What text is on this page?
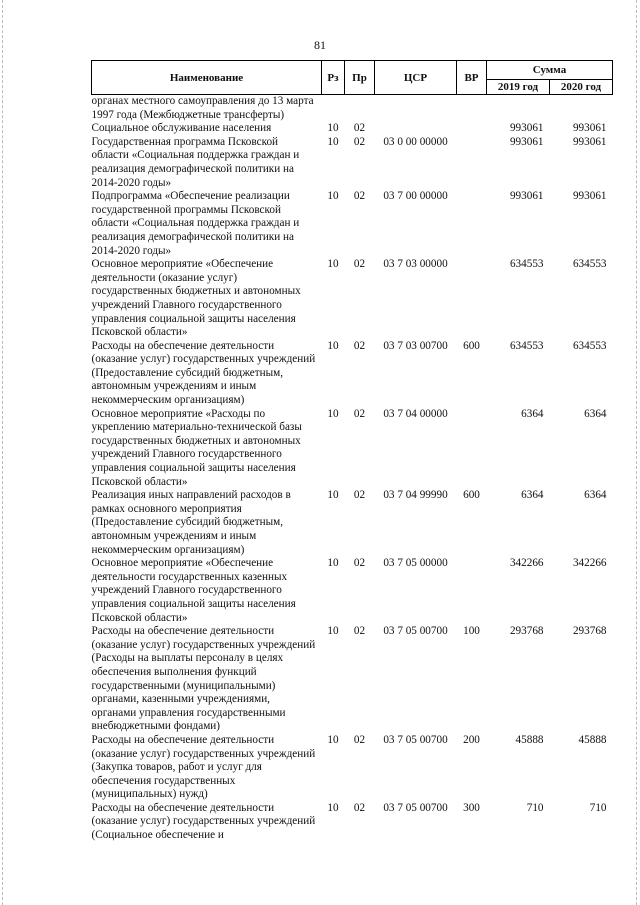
81
Наименование	Рз	Пр	ЦСР	ВР	Сумма	
					2019 год	2020 год
органах местного самоуправления до 13 марта 1997 года (Межбюджетные трансферты)						
Социальное обслуживание населения	10	02			993061	993061
Государственная программа Псковской области «Социальная поддержка граждан и реализация демографической политики на 2014-2020 годы»	10	02	03 0 00 00000		993061	993061
Подпрограмма «Обеспечение реализации государственной программы Псковской области «Социальная поддержка граждан и реализация демографической политики на 2014-2020 годы»	10	02	03 7 00 00000		993061	993061
Основное мероприятие «Обеспечение деятельности (оказание услуг) государственных бюджетных и автономных учреждений Главного государственного управления социальной защиты населения Псковской области»	10	02	03 7 03 00000		634553	634553
Расходы на обеспечение деятельности (оказание услуг) государственных учреждений (Предоставление субсидий бюджетным, автономным учреждениям и иным некоммерческим организациям)	10	02	03 7 03 00700	600	634553	634553
Основное мероприятие «Расходы по укреплению материально-технической базы государственных бюджетных и автономных учреждений Главного государственного управления социальной защиты населения Псковской области»	10	02	03 7 04 00000		6364	6364
Реализация иных направлений расходов в рамках основного мероприятия (Предоставление субсидий бюджетным, автономным учреждениям и иным некоммерческим организациям)	10	02	03 7 04 99990	600	6364	6364
Основное мероприятие «Обеспечение деятельности государственных казенных учреждений Главного государственного управления социальной защиты населения Псковской области»	10	02	03 7 05 00000		342266	342266
Расходы на обеспечение деятельности (оказание услуг) государственных учреждений (Расходы на выплаты персоналу в целях обеспечения выполнения функций государственными (муниципальными) органами, казенными учреждениями, органами управления государственными внебюджетными фондами)	10	02	03 7 05 00700	100	293768	293768
Расходы на обеспечение деятельности (оказание услуг) государственных учреждений (Закупка товаров, работ и услуг для обеспечения государственных (муниципальных) нужд)	10	02	03 7 05 00700	200	45888	45888
Расходы на обеспечение деятельности (оказание услуг) государственных учреждений (Социальное обеспечение и	10	02	03 7 05 00700	300	710	710
